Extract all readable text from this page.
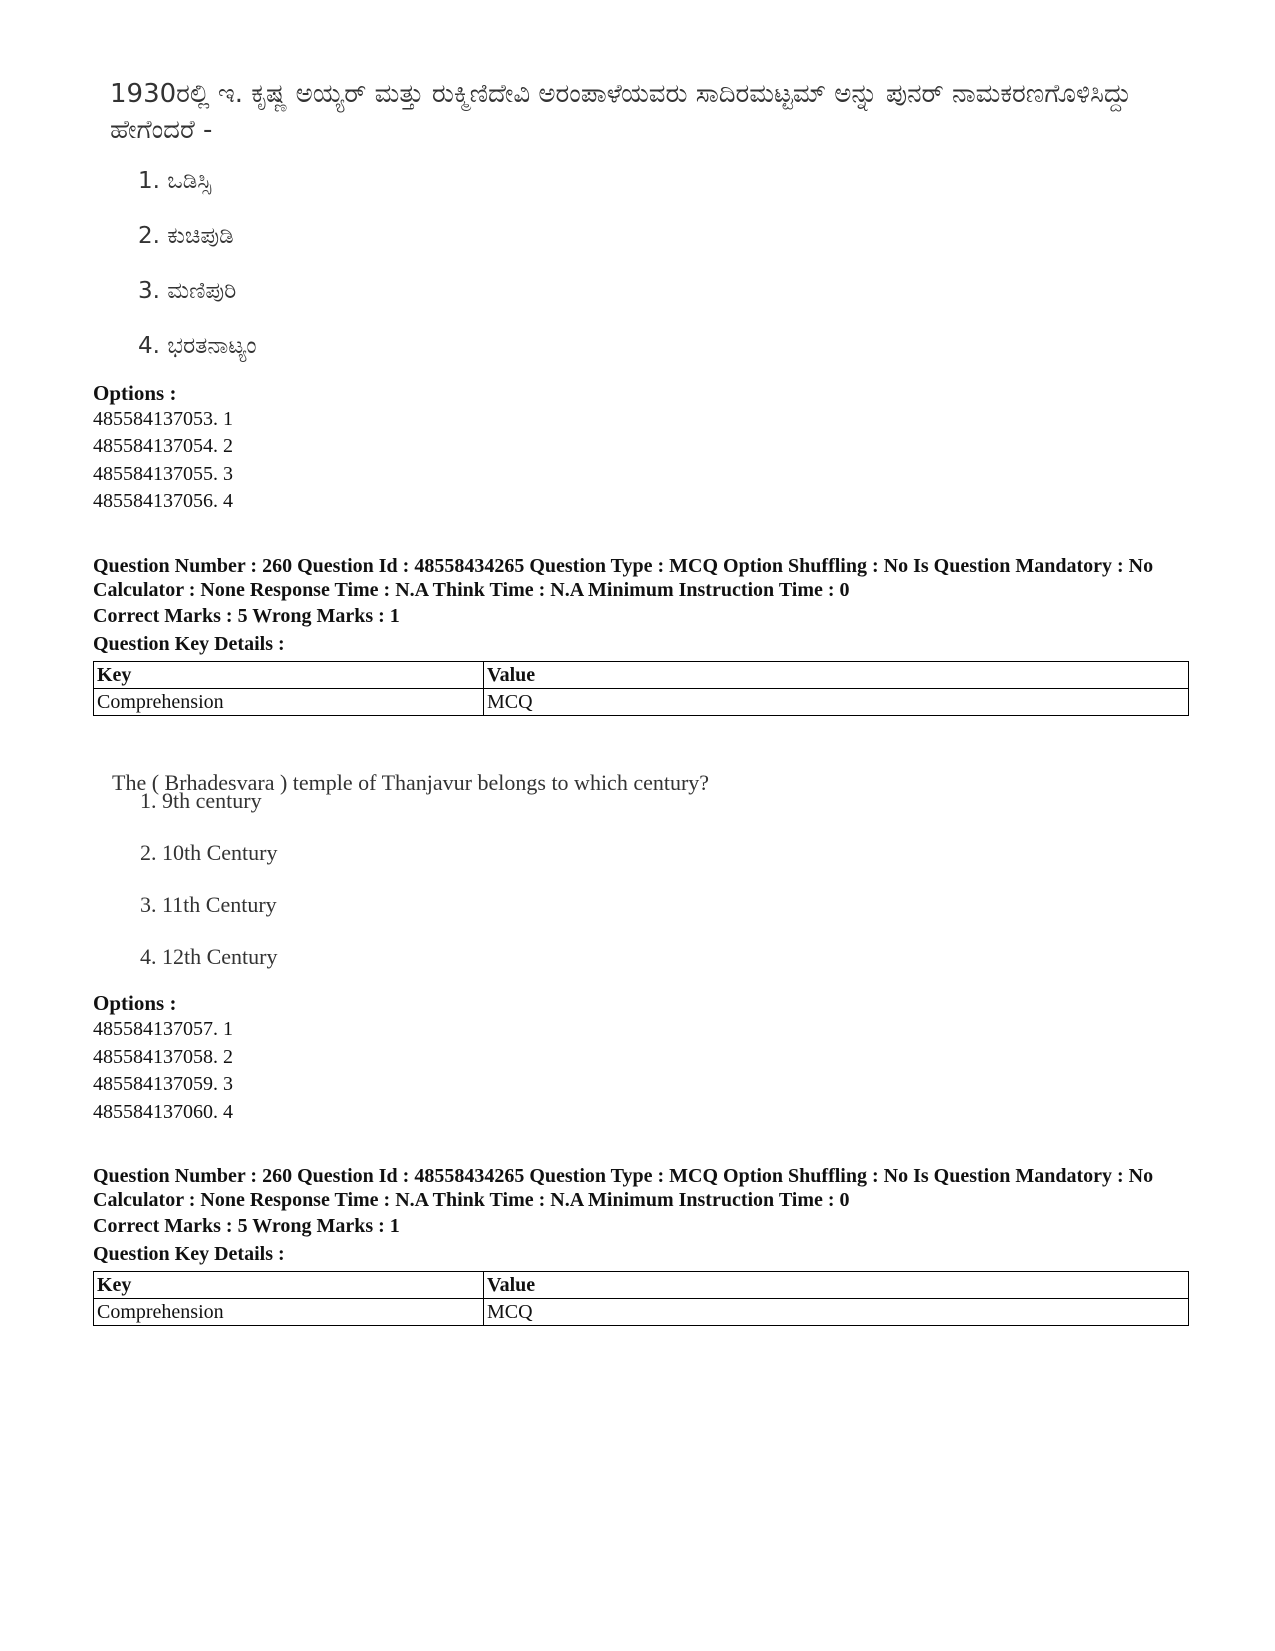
1930ರಲ್ಲಿ ಇ. ಕೃಷ್ಣ ಅಯ್ಯರ್ ಮತ್ತು ರುಕ್ಮಿಣಿದೇವಿ ಅರಂಪಾಳೆಯವರು ಸಾದಿರಮಟ್ಟಮ್ ಅನ್ನು ಪುನರ್ ನಾಮಕರಣಗೊಳಿಸಿದ್ದು ಹೇಗೆಂದರೆ -
1. ಒಡಿಸ್ಸಿ
2. ಕುಚಿಪುಡಿ
3. ಮಣಿಪುರಿ
4. ಭರತನಾಟ್ಯಂ
Options :
485584137053. 1
485584137054. 2
485584137055. 3
485584137056. 4
Question Number : 260 Question Id : 48558434265 Question Type : MCQ Option Shuffling : No Is Question Mandatory : No Calculator : None Response Time : N.A Think Time : N.A Minimum Instruction Time : 0
Correct Marks : 5 Wrong Marks : 1
Question Key Details :
Key	Value
Comprehension	MCQ
The ( Brhadesvara ) temple of Thanjavur belongs to which century?
1. 9th century
2. 10th Century
3. 11th Century
4. 12th Century
Options :
485584137057. 1
485584137058. 2
485584137059. 3
485584137060. 4
Question Number : 260 Question Id : 48558434265 Question Type : MCQ Option Shuffling : No Is Question Mandatory : No Calculator : None Response Time : N.A Think Time : N.A Minimum Instruction Time : 0
Correct Marks : 5 Wrong Marks : 1
Question Key Details :
Key	Value
Comprehension	MCQ
